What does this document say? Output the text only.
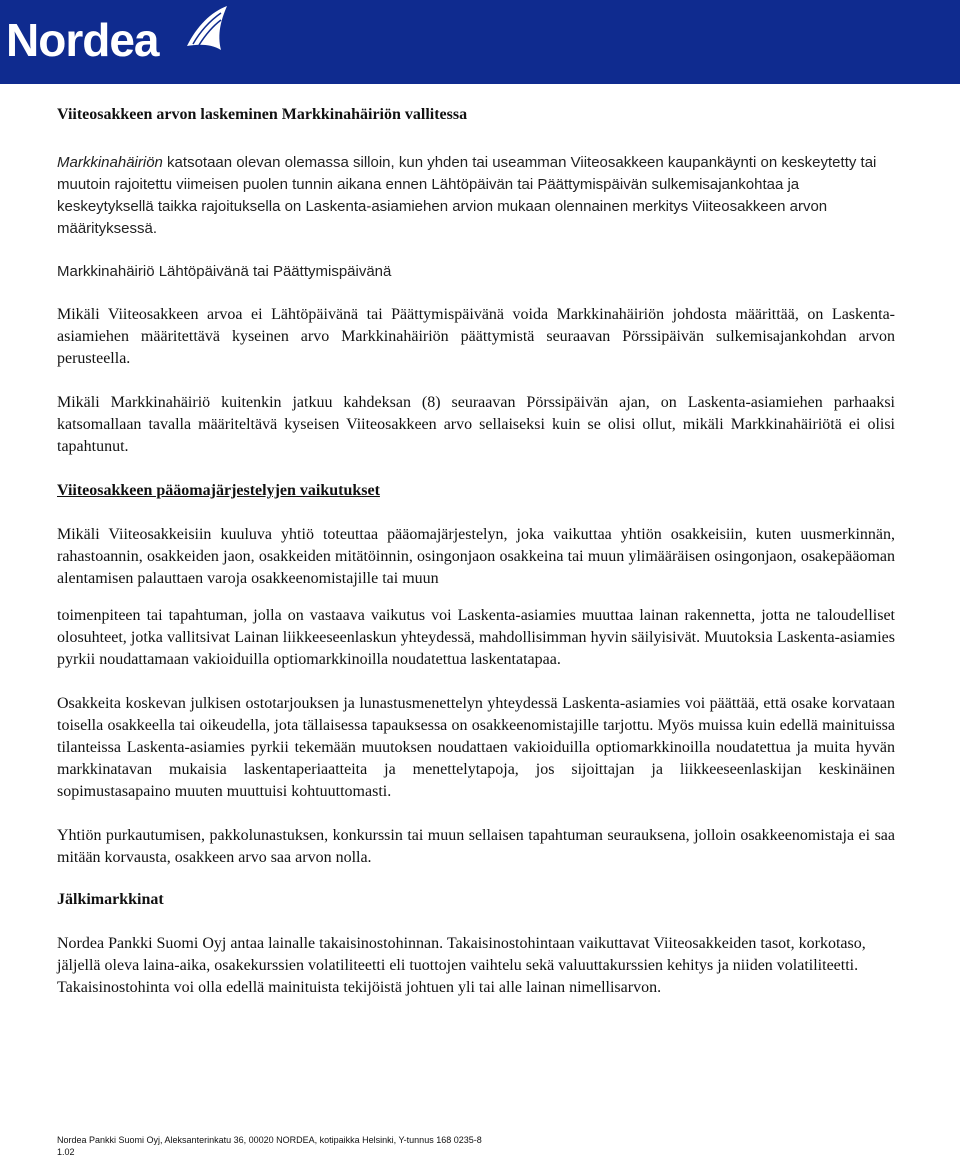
Nordea
Viiteosakkeen arvon laskeminen Markkinahäiriön vallitessa

Markkinahäiriön katsotaan olevan olemassa silloin, kun yhden tai useamman Viiteosakkeen kaupankäynti on keskeytetty tai muutoin rajoitettu viimeisen puolen tunnin aikana ennen Lähtöpäivän tai Päättymispäivän sulkemisajankohtaa ja keskeytyksellä taikka rajoituksella on Laskenta-asiamiehen arvion mukaan olennainen merkitys Viiteosakkeen arvon määrityksessä.

Markkinahäiriö Lähtöpäivänä tai Päättymispäivänä

Mikäli Viiteosakkeen arvoa ei Lähtöpäivänä tai Päättymispäivänä voida Markkinahäiriön johdosta määrittää, on Laskenta-asiamiehen määritettävä kyseinen arvo Markkinahäiriön päättymistä seuraavan Pörssipäivän sulkemisajankohdan arvon perusteella.

Mikäli Markkinahäiriö kuitenkin jatkuu kahdeksan (8) seuraavan Pörssipäivän ajan, on Laskenta-asiamiehen parhaaksi katsomallaan tavalla määriteltävä kyseisen Viiteosakkeen arvo sellaiseksi kuin se olisi ollut, mikäli Markkinahäiriötä ei olisi tapahtunut.

Viiteosakkeen pääomajärjestelyjen vaikutukset

Mikäli Viiteosakkeisiin kuuluva yhtiö toteuttaa pääomajärjestelyn, joka vaikuttaa yhtiön osakkeisiin, kuten uusmerkinnän, rahastoannin, osakkeiden jaon, osakkeiden mitätöinnin, osingonjaon osakkeina tai muun ylimääräisen osingonjaon, osakepääoman alentamisen palauttaen varoja osakkeenomistajille tai muun

toimenpiteen tai tapahtuman, jolla on vastaava vaikutus voi Laskenta-asiamies muuttaa lainan rakennetta, jotta ne taloudelliset olosuhteet, jotka vallitsivat Lainan liikkeeseenlaskun yhteydessä, mahdollisimman hyvin säilyisivät. Muutoksia Laskenta-asiamies pyrkii noudattamaan vakioiduilla optiomarkkinoilla noudatettua laskentatapaa.

Osakkeita koskevan julkisen ostotarjouksen ja lunastusmenettelyn yhteydessä Laskenta-asiamies voi päättää, että osake korvataan toisella osakkeella tai oikeudella, jota tällaisessa tapauksessa on osakkeenomistajille tarjottu. Myös muissa kuin edellä mainituissa tilanteissa Laskenta-asiamies pyrkii tekemään muutoksen noudattaen vakioiduilla optiomarkkinoilla noudatettua ja muita hyvän markkinatavan mukaisia laskentaperiaatteita ja menettelytapoja, jos sijoittajan ja liikkeeseenlaskijan keskinäinen sopimustasapaino muuten muuttuisi kohtuuttomasti.

Yhtiön purkautumisen, pakkolunastuksen, konkurssin tai muun sellaisen tapahtuman seurauksena, jolloin osakkeenomistaja ei saa mitään korvausta, osakkeen arvo saa arvon nolla.

Jälkimarkkinat

Nordea Pankki Suomi Oyj antaa lainalle takaisinostohinnan. Takaisinostohintaan vaikuttavat Viiteosakkeiden tasot, korkotaso, jäljellä oleva laina-aika, osakekurssien volatiliteetti eli tuottojen vaihtelu sekä valuuttakurssien kehitys ja niiden volatiliteetti. Takaisinostohinta voi olla edellä mainituista tekijöistä johtuen yli tai alle lainan nimellisarvon.

Nordea Pankki Suomi Oyj, Aleksanterinkatu 36, 00020 NORDEA, kotipaikka Helsinki, Y-tunnus 168 0235-8
1.02
